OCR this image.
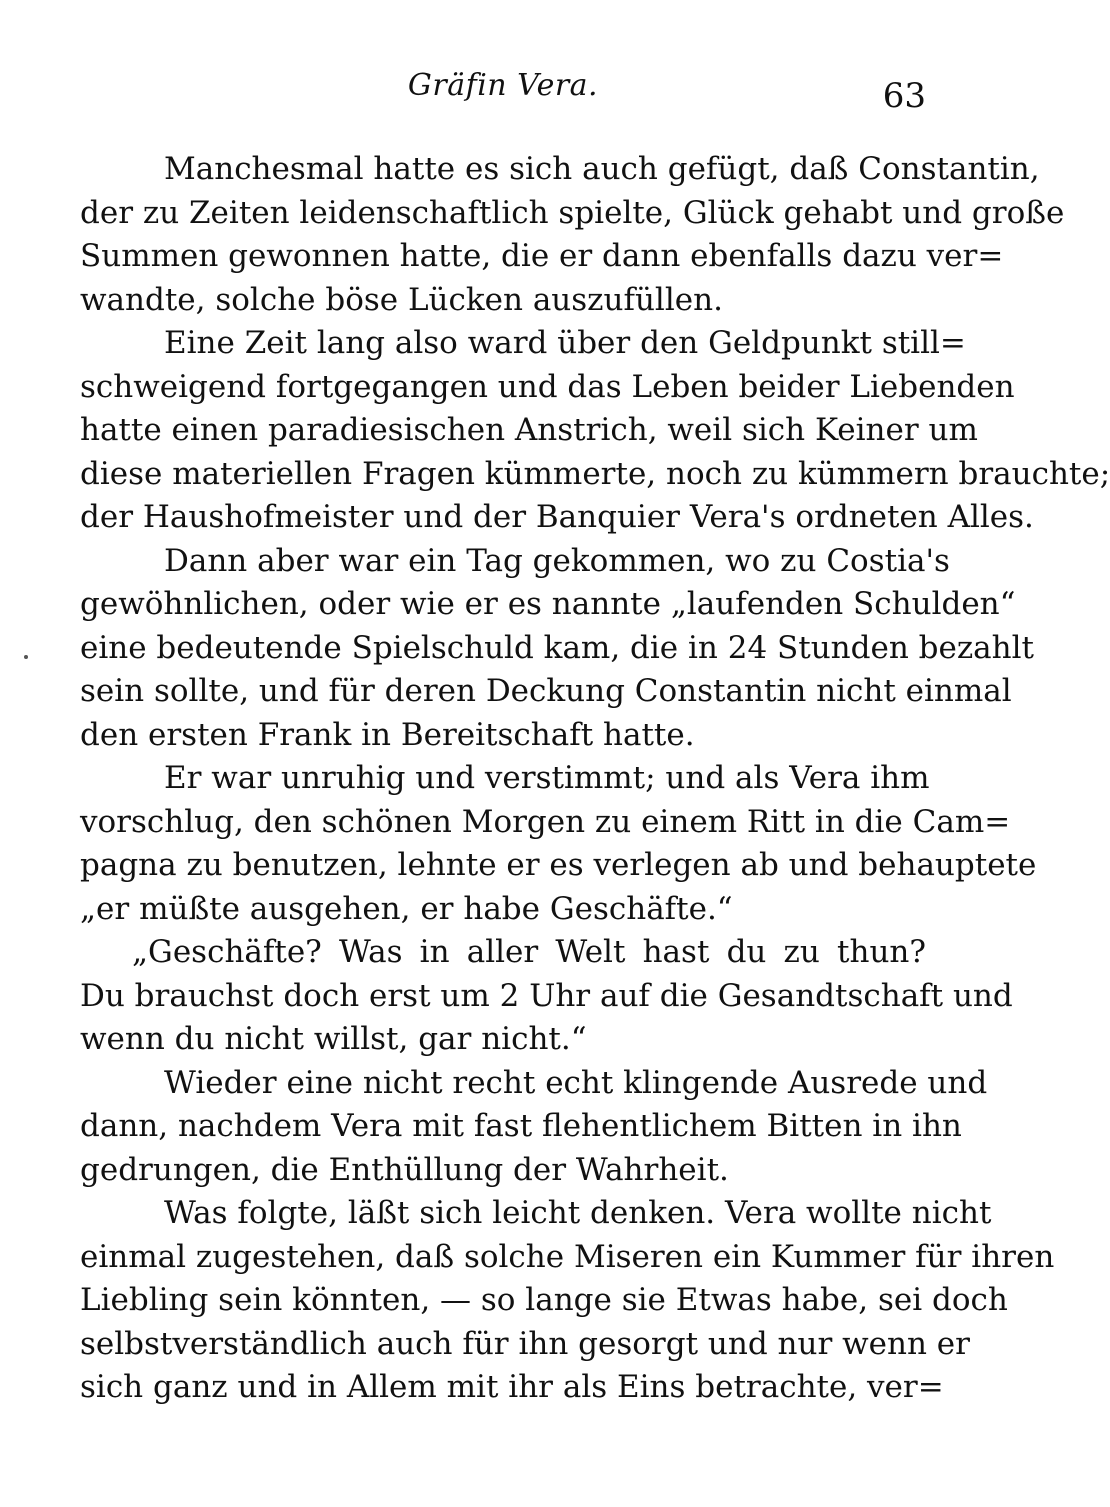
Gräfin Vera.	63
Manchesmal hatte es sich auch gefügt, daß Constantin,
der zu Zeiten leidenschaftlich spielte, Glück gehabt und große
Summen gewonnen hatte, die er dann ebenfalls dazu ver=
wandte, solche böse Lücken auszufüllen.
Eine Zeit lang also ward über den Geldpunkt still=
schweigend fortgegangen und das Leben beider Liebenden
hatte einen paradiesischen Anstrich, weil sich Keiner um
diese materiellen Fragen kümmerte, noch zu kümmern brauchte;
der Haushofmeister und der Banquier Vera's ordneten Alles.
Dann aber war ein Tag gekommen, wo zu Costia's
gewöhnlichen, oder wie er es nannte „laufenden Schulden“
eine bedeutende Spielschuld kam, die in 24 Stunden bezahlt
sein sollte, und für deren Deckung Constantin nicht einmal
den ersten Frank in Bereitschaft hatte.
Er war unruhig und verstimmt; und als Vera ihm
vorschlug, den schönen Morgen zu einem Ritt in die Cam=
pagna zu benutzen, lehnte er es verlegen ab und behauptete
„er müßte ausgehen, er habe Geschäfte.“
„Geschäfte? Was in aller Welt hast du zu thun?
Du brauchst doch erst um 2 Uhr auf die Gesandtschaft und
wenn du nicht willst, gar nicht.“
Wieder eine nicht recht echt klingende Ausrede und
dann, nachdem Vera mit fast flehentlichem Bitten in ihn
gedrungen, die Enthüllung der Wahrheit.
Was folgte, läßt sich leicht denken. Vera wollte nicht
einmal zugestehen, daß solche Miseren ein Kummer für ihren
Liebling sein könnten, — so lange sie Etwas habe, sei doch
selbstverständlich auch für ihn gesorgt und nur wenn er
sich ganz und in Allem mit ihr als Eins betrachte, ver=
